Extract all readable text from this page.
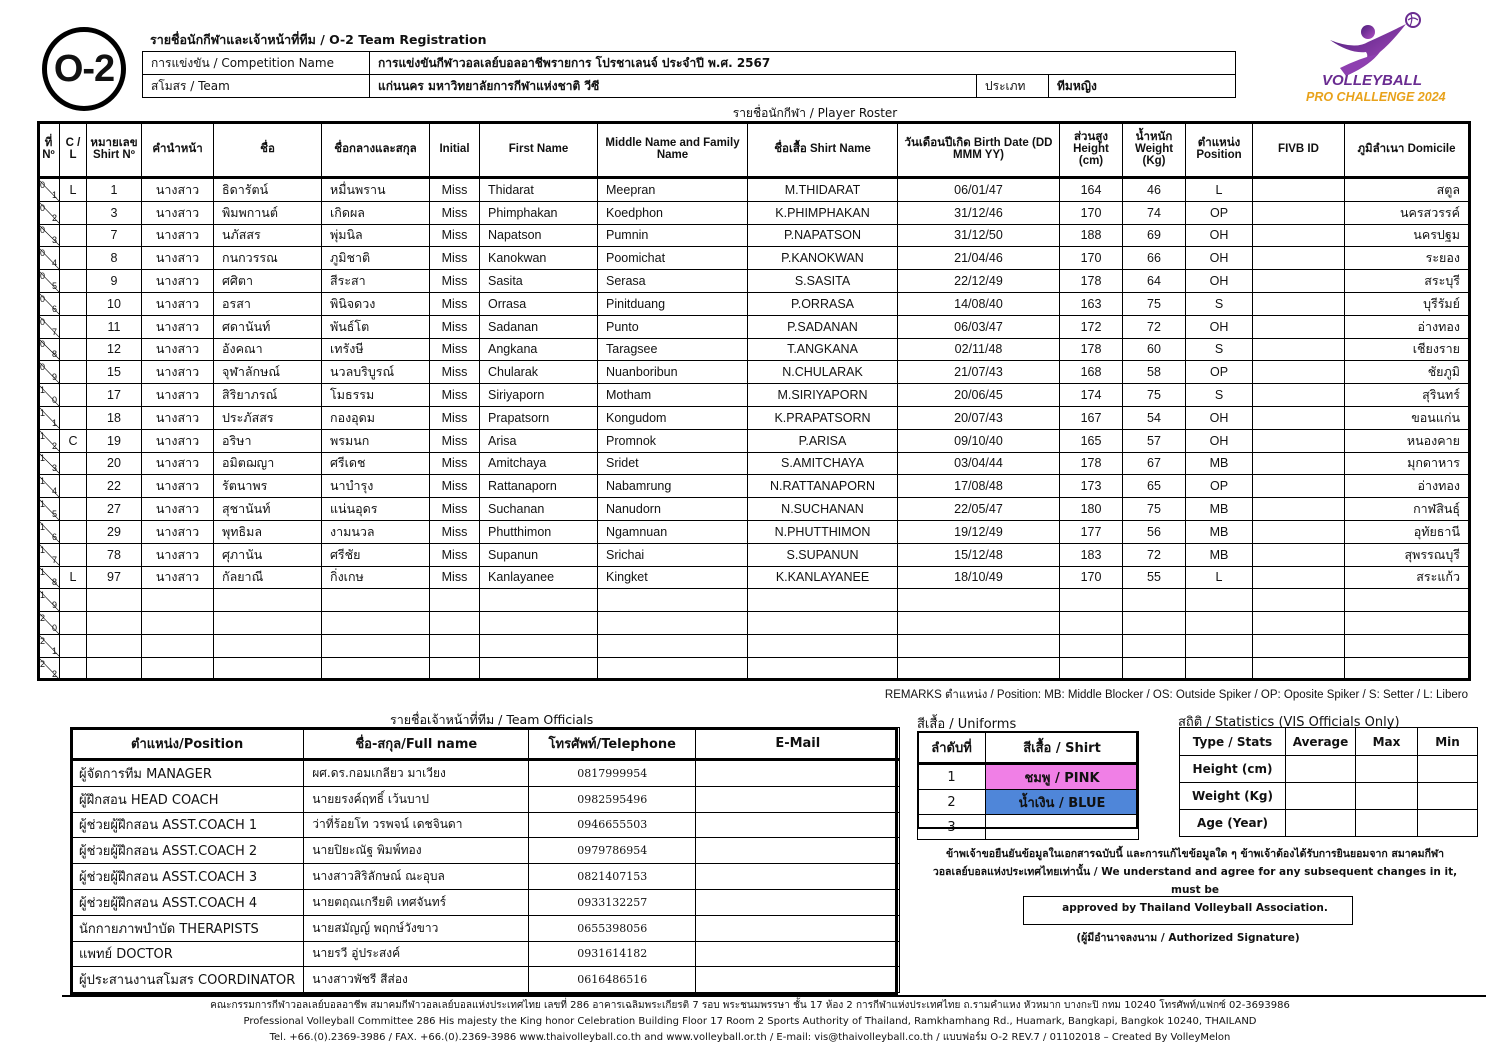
O-2
รายชื่อนักกีฬาและเจ้าหน้าที่ทีม / O-2 Team Registration
การแข่งขัน / Competition Name	การแข่งขันกีฬาวอลเลย์บอลอาชีพรายการ โปรชาเลนจ์ ประจำปี พ.ศ. 2567		
สโมสร / Team	แก่นนคร มหาวิทยาลัยการกีฬาแห่งชาติ วีซี	ประเภท	ทีมหญิง	VOLLEYBALL
PRO CHALLENGE 2024
รายชื่อนักกีฬา / Player Roster
ที่ Nº	C / L	หมายเลข Shirt Nº	คำนำหน้า	ชื่อ	ชื่อกลางและสกุล	Initial	First Name	Middle Name and Family Name	ชื่อเสื้อ Shirt Name	วันเดือนปีเกิด Birth Date (DD MMM YY)	ส่วนสูง Height (cm)	น้ำหนัก Weight (Kg)	ตำแหน่ง Position	FIVB ID	ภูมิลำเนา Domicile

0
1	L	1	นางสาว	ธิดารัตน์	หมื่นพราน	Miss	Thidarat	Meepran	M.THIDARAT	06/01/47	164	46	L		สตูล

0
2		3	นางสาว	พิมพกานต์	เกิดผล	Miss	Phimphakan	Koedphon	K.PHIMPHAKAN	31/12/46	170	74	OP		นครสวรรค์

0
3		7	นางสาว	นภัสสร	พุ่มนิล	Miss	Napatson	Pumnin	P.NAPATSON	31/12/50	188	69	OH		นครปฐม

0
4		8	นางสาว	กนกวรรณ	ภูมิชาติ	Miss	Kanokwan	Poomichat	P.KANOKWAN	21/04/46	170	66	OH		ระยอง

0
5		9	นางสาว	ศศิตา	สีระสา	Miss	Sasita	Serasa	S.SASITA	22/12/49	178	64	OH		สระบุรี

0
6		10	นางสาว	อรสา	พินิจดวง	Miss	Orrasa	Pinitduang	P.ORRASA	14/08/40	163	75	S		บุรีรัมย์

0
7		11	นางสาว	ศดานันท์	พันธ์โต	Miss	Sadanan	Punto	P.SADANAN	06/03/47	172	72	OH		อ่างทอง

0
8		12	นางสาว	อังคณา	เทรังษี	Miss	Angkana	Taragsee	T.ANGKANA	02/11/48	178	60	S		เชียงราย

0
9		15	นางสาว	จุฬาลักษณ์	นวลบริบูรณ์	Miss	Chularak	Nuanboribun	N.CHULARAK	21/07/43	168	58	OP		ชัยภูมิ

1
0		17	นางสาว	สิริยาภรณ์	โมธรรม	Miss	Siriyaporn	Motham	M.SIRIYAPORN	20/06/45	174	75	S		สุรินทร์

1
1		18	นางสาว	ประภัสสร	กองอุดม	Miss	Prapatsorn	Kongudom	K.PRAPATSORN	20/07/43	167	54	OH		ขอนแก่น

1
2	C	19	นางสาว	อริษา	พรมนก	Miss	Arisa	Promnok	P.ARISA	09/10/40	165	57	OH		หนองคาย

1
3		20	นางสาว	อมิตฌญา	ศรีเดช	Miss	Amitchaya	Sridet	S.AMITCHAYA	03/04/44	178	67	MB		มุกดาหาร

1
4		22	นางสาว	รัตนาพร	นาบำรุง	Miss	Rattanaporn	Nabamrung	N.RATTANAPORN	17/08/48	173	65	OP		อ่างทอง

1
5		27	นางสาว	สุชานันท์	แน่นอุดร	Miss	Suchanan	Nanudorn	N.SUCHANAN	22/05/47	180	75	MB		กาฬสินธุ์

1
6		29	นางสาว	พุทธิมล	งามนวล	Miss	Phutthimon	Ngamnuan	N.PHUTTHIMON	19/12/49	177	56	MB		อุทัยธานี

1
7		78	นางสาว	ศุภานัน	ศรีชัย	Miss	Supanun	Srichai	S.SUPANUN	15/12/48	183	72	MB		สุพรรณบุรี

1
8	L	97	นางสาว	กัลยาณี	กิ่งเกษ	Miss	Kanlayanee	Kingket	K.KANLAYANEE	18/10/49	170	55	L		สระแก้ว

1
9															

2
0															

2
1															

2
2															

REMARKS ตำแหน่ง / Position: MB: Middle Blocker / OS: Outside Spiker / OP: Oposite Spiker / S: Setter / L: Libero
รายชื่อเจ้าหน้าที่ทีม / Team Officials
ตำแหน่ง/Position	ชื่อ-สกุล/Full name	โทรศัพท์/Telephone	E-Mail
ผู้จัดการทีม MANAGER	ผศ.ดร.กอมเกลียว มาเวียง	0817999954	
ผู้ฝึกสอน HEAD COACH	นายยรงค์ฤทธิ์ เว้นบาป	0982595496	
ผู้ช่วยผู้ฝึกสอน ASST.COACH 1	ว่าที่ร้อยโท วรพจน์ เดชจินดา	0946655503	
ผู้ช่วยผู้ฝึกสอน ASST.COACH 2	นายปิยะณัฐ พิมพ์ทอง	0979786954	
ผู้ช่วยผู้ฝึกสอน ASST.COACH 3	นางสาวสิริลักษณ์ ณะอุบล	0821407153	
ผู้ช่วยผู้ฝึกสอน ASST.COACH 4	นายตฤณเกรียติ เทศจันทร์	0933132257	
นักกายภาพบำบัด THERAPISTS	นายสมัญญ์ พฤกษ์วังขาว	0655398056	
แพทย์ DOCTOR	นายรวี อู่ประสงค์	0931614182	
ผู้ประสานงานสโมสร COORDINATOR	นางสาวพัชรี สีส่อง	0616486516	
สีเสื้อ / Uniforms
ลำดับที่	สีเสื้อ / Shirt
1	ชมพู / PINK
2	น้ำเงิน / BLUE
3	
สถิติ / Statistics (VIS Officials Only)
Type / Stats	Average	Max	Min
Height (cm)			
Weight (Kg)			
Age (Year)			
ข้าพเจ้าขอยืนยันข้อมูลในเอกสารฉบับนี้ และการแก้ไขข้อมูลใด ๆ ข้าพเจ้าต้องได้รับการยินยอมจาก สมาคมกีฬา
วอลเลย์บอลแห่งประเทศไทยเท่านั้น / We understand and agree for any subsequent changes in it, must be
approved by Thailand Volleyball Association.
(ผู้มีอำนาจลงนาม / Authorized Signature)
คณะกรรมการกีฬาวอลเลย์บอลอาชีพ สมาคมกีฬาวอลเลย์บอลแห่งประเทศไทย เลขที่ 286 อาคารเฉลิมพระเกียรติ 7 รอบ พระชนมพรรษา ชั้น 17 ห้อง 2 การกีฬาแห่งประเทศไทย ถ.รามคำแหง หัวหมาก บางกะปิ กทม 10240 โทรศัพท์/แฟกซ์ 02-3693986
Professional Volleyball Committee 286 His majesty the King honor Celebration Building Floor 17 Room 2 Sports Authority of Thailand, Ramkhamhang Rd., Huamark, Bangkapi, Bangkok 10240, THAILAND
Tel. +66.(0).2369-3986 / FAX. +66.(0).2369-3986 www.thaivolleyball.co.th and www.volleyball.or.th / E-mail: vis@thaivolleyball.co.th / แบบฟอร์ม O-2 REV.7 / 01102018 – Created By VolleyMelon
